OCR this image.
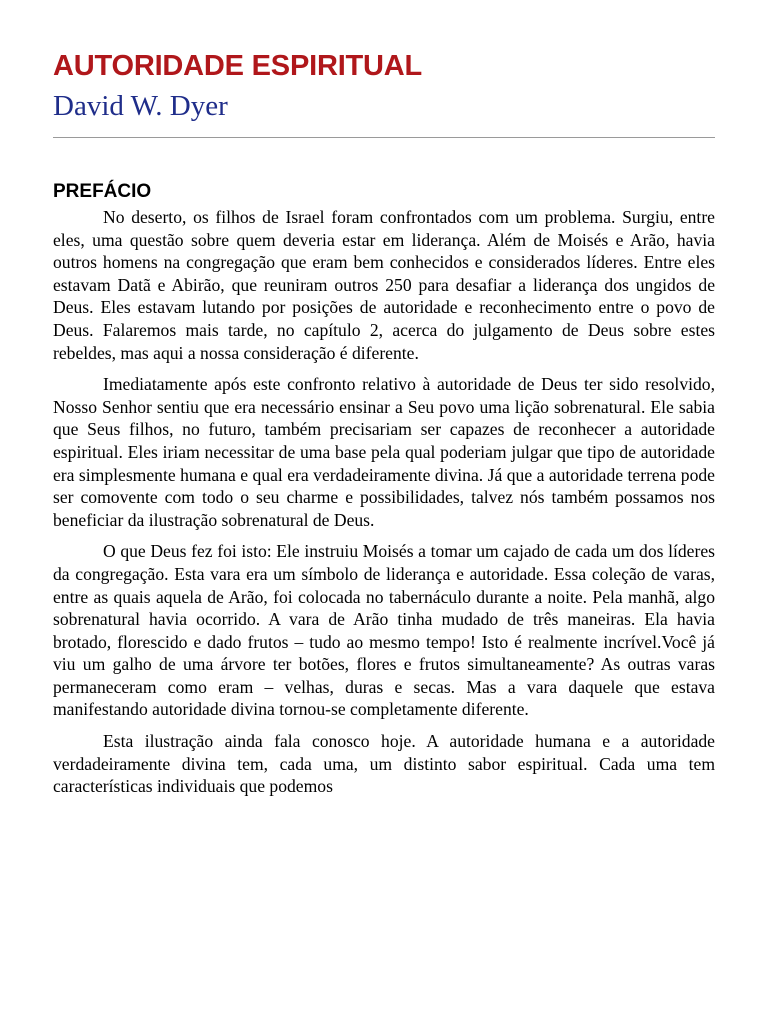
AUTORIDADE ESPIRITUAL
David W. Dyer
PREFÁCIO

No deserto, os filhos de Israel foram confrontados com um problema. Surgiu, entre eles, uma questão sobre quem deveria estar em liderança. Além de Moisés e Arão, havia outros homens na congregação que eram bem conhecidos e considerados líderes. Entre eles estavam Datã e Abirão, que reuniram outros 250 para desafiar a liderança dos ungidos de Deus. Eles estavam lutando por posições de autoridade e reconhecimento entre o povo de Deus. Falaremos mais tarde, no capítulo 2, acerca do julgamento de Deus sobre estes rebeldes, mas aqui a nossa consideração é diferente.

Imediatamente após este confronto relativo à autoridade de Deus ter sido resolvido, Nosso Senhor sentiu que era necessário ensinar a Seu povo uma lição sobrenatural. Ele sabia que Seus filhos, no futuro, também precisariam ser capazes de reconhecer a autoridade espiritual. Eles iriam necessitar de uma base pela qual poderiam julgar que tipo de autoridade era simplesmente humana e qual era verdadeiramente divina. Já que a autoridade terrena pode ser comovente com todo o seu charme e possibilidades, talvez nós também possamos nos beneficiar da ilustração sobrenatural de Deus.

O que Deus fez foi isto: Ele instruiu Moisés a tomar um cajado de cada um dos líderes da congregação. Esta vara era um símbolo de liderança e autoridade. Essa coleção de varas, entre as quais aquela de Arão, foi colocada no tabernáculo durante a noite. Pela manhã, algo sobrenatural havia ocorrido. A vara de Arão tinha mudado de três maneiras. Ela havia brotado, florescido e dado frutos – tudo ao mesmo tempo! Isto é realmente incrível.Você já viu um galho de uma árvore ter botões, flores e frutos simultaneamente? As outras varas permaneceram como eram – velhas, duras e secas. Mas a vara daquele que estava manifestando autoridade divina tornou-se completamente diferente.

Esta ilustração ainda fala conosco hoje. A autoridade humana e a autoridade verdadeiramente divina tem, cada uma, um distinto sabor espiritual. Cada uma tem características individuais que podemos
